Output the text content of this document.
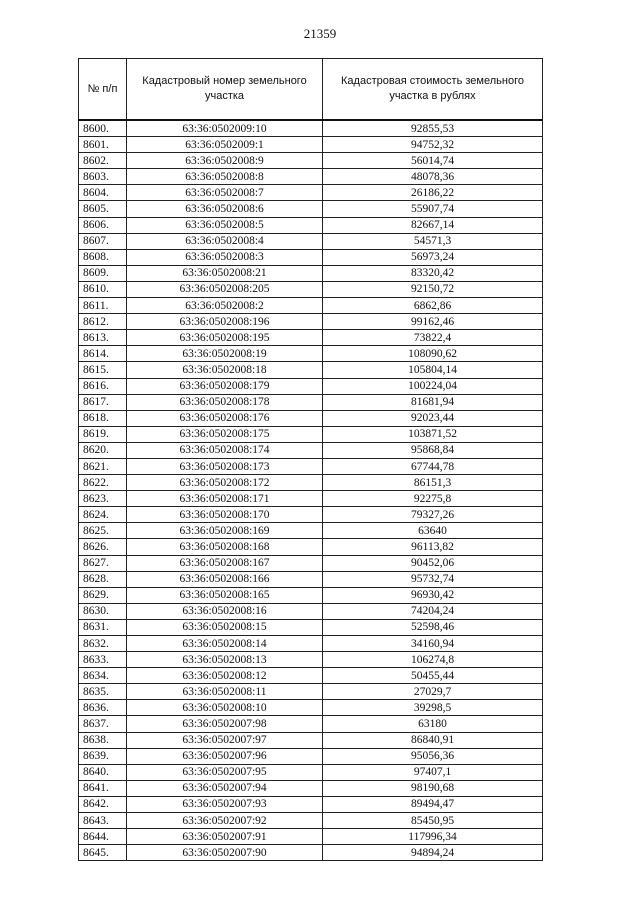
21359
№ п/п	Кадастровый номер земельного участка	Кадастровая стоимость земельного участка в рублях
8600.	63:36:0502009:10	92855,53
8601.	63:36:0502009:1	94752,32
8602.	63:36:0502008:9	56014,74
8603.	63:36:0502008:8	48078,36
8604.	63:36:0502008:7	26186,22
8605.	63:36:0502008:6	55907,74
8606.	63:36:0502008:5	82667,14
8607.	63:36:0502008:4	54571,3
8608.	63:36:0502008:3	56973,24
8609.	63:36:0502008:21	83320,42
8610.	63:36:0502008:205	92150,72
8611.	63:36:0502008:2	6862,86
8612.	63:36:0502008:196	99162,46
8613.	63:36:0502008:195	73822,4
8614.	63:36:0502008:19	108090,62
8615.	63:36:0502008:18	105804,14
8616.	63:36:0502008:179	100224,04
8617.	63:36:0502008:178	81681,94
8618.	63:36:0502008:176	92023,44
8619.	63:36:0502008:175	103871,52
8620.	63:36:0502008:174	95868,84
8621.	63:36:0502008:173	67744,78
8622.	63:36:0502008:172	86151,3
8623.	63:36:0502008:171	92275,8
8624.	63:36:0502008:170	79327,26
8625.	63:36:0502008:169	63640
8626.	63:36:0502008:168	96113,82
8627.	63:36:0502008:167	90452,06
8628.	63:36:0502008:166	95732,74
8629.	63:36:0502008:165	96930,42
8630.	63:36:0502008:16	74204,24
8631.	63:36:0502008:15	52598,46
8632.	63:36:0502008:14	34160,94
8633.	63:36:0502008:13	106274,8
8634.	63:36:0502008:12	50455,44
8635.	63:36:0502008:11	27029,7
8636.	63:36:0502008:10	39298,5
8637.	63:36:0502007:98	63180
8638.	63:36:0502007:97	86840,91
8639.	63:36:0502007:96	95056,36
8640.	63:36:0502007:95	97407,1
8641.	63:36:0502007:94	98190,68
8642.	63:36:0502007:93	89494,47
8643.	63:36:0502007:92	85450,95
8644.	63:36:0502007:91	117996,34
8645.	63:36:0502007:90	94894,24
